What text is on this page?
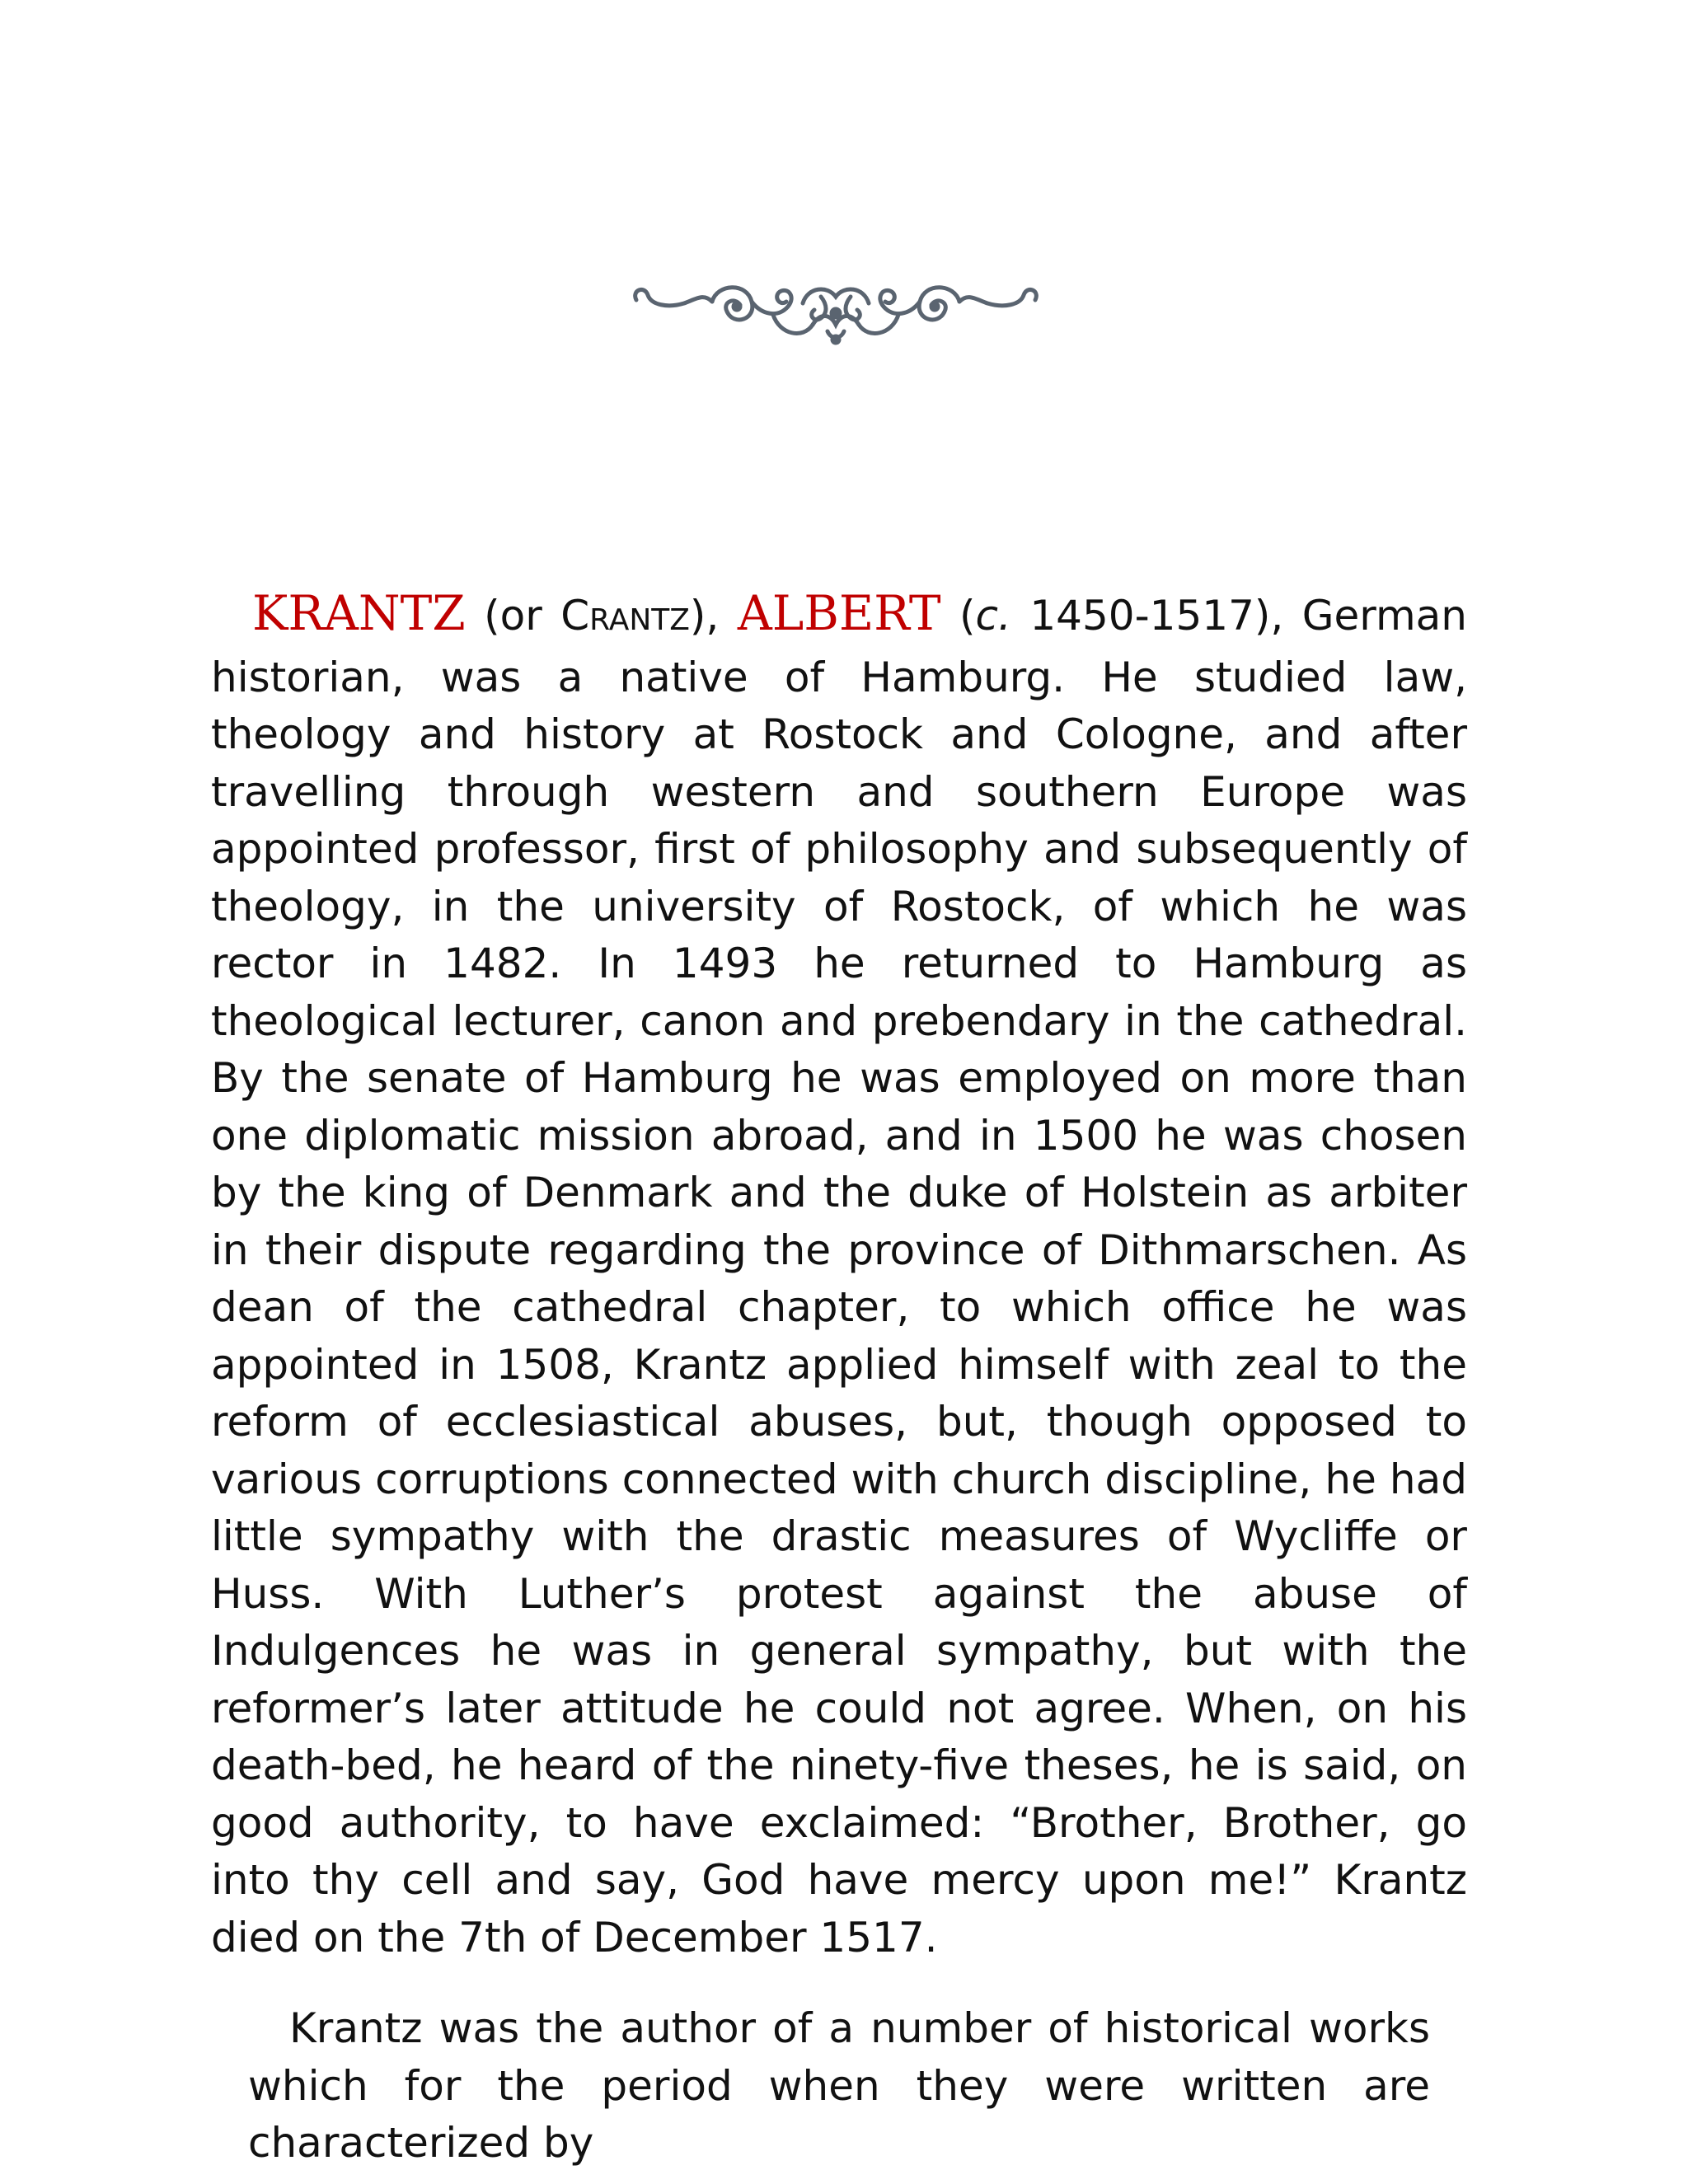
KRANTZ (or CRANTZ), ALBERT (c. 1450-1517), German historian, was a native of Hamburg. He studied law, theology and history at Rostock and Cologne, and after travelling through western and southern Europe was appointed professor, first of philosophy and subsequently of theology, in the university of Rostock, of which he was rector in 1482. In 1493 he returned to Hamburg as theological lecturer, canon and prebendary in the cathedral. By the senate of Hamburg he was employed on more than one diplomatic mission abroad, and in 1500 he was chosen by the king of Denmark and the duke of Holstein as arbiter in their dispute regarding the province of Dithmarschen. As dean of the cathedral chapter, to which office he was appointed in 1508, Krantz applied himself with zeal to the reform of ecclesiastical abuses, but, though opposed to various corruptions connected with church discipline, he had little sympathy with the drastic measures of Wycliffe or Huss. With Luther’s protest against the abuse of Indulgences he was in general sympathy, but with the reformer’s later attitude he could not agree. When, on his death-bed, he heard of the ninety-five theses, he is said, on good authority, to have exclaimed: “Brother, Brother, go into thy cell and say, God have mercy upon me!” Krantz died on the 7th of December 1517.

Krantz was the author of a number of historical works which for the period when they were written are characterized by
